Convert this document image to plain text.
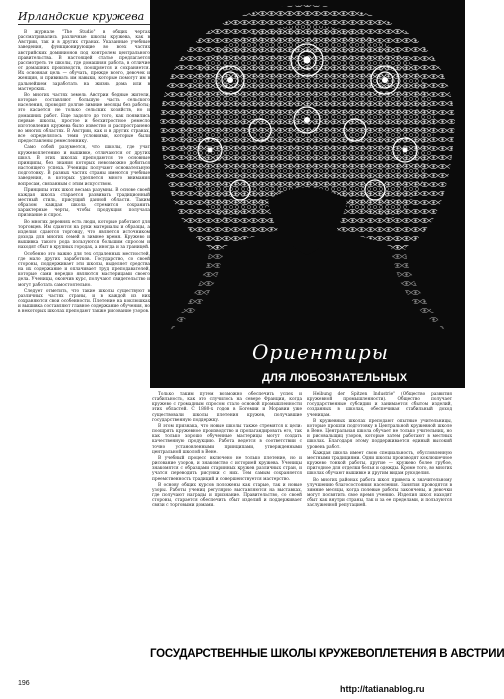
Ирландские кружева

В журнале "The Studio" в общих чертах рассматривались различные школы кружева, как в Австрии, так и в других странах. Указанные учебные заведения, функционирующие во всех частях австрийских доминионов под контролем центрального правительства. В настоящей статье предлагается рассмотреть те школы, где домашняя работа, в отличие от домашних производств, поощряется и сохраняется. Их основная цель — обучать, прежде всего, девочек и женщин, и прививать им навыки, которые помогут им в дальнейшем заработать на жизнь дома или в мастерских.

Во многих частях земель Австрии бедные жители, которые составляют большую часть сельского населения, проводят долгие зимние месяцы без работы; это касается не только сельских хозяйств, но и домашних работ. Еще задолго до того, как появились первые школы, простое и бесхитростное ремесло изготовления кружева было известно и распространено во многих областях. В Австрии, как и в других странах, все определялось теми условиями, которые были предоставлены ремесленнику.

Само собой разумеется, что школы, где учат кружевоплетению и вышивке, отличаются от других школ. В этих школах преподаются те основные принципы, без знания которых невозможно добиться настоящего успеха. Ученицы получают основательную подготовку. В разных частях страны имеются учебные заведения, в которых уделяется много внимания вопросам, связанным с этим искусством.

Принципы этих школ весьма разумны. В основе своей каждая школа старается развивать традиционный местный стиль, присущий данной области. Таким образом каждая школа стремится сохранить характерные черты, чтобы продукция получала признание и спрос.

Во многих деревнях есть люди, которые работают для торговцев. Им сдаются на руки материалы и образцы, а изделия сдаются торговцу, что является источником дохода для многих семей в зимнее время. Кружево и вышивка такого рода пользуются большим спросом и находят сбыт в крупных городах, а иногда и за границей.

Особенно это важно для тех отдаленных местностей, где мало других заработков. Государство, со своей стороны, поддерживает эти школы, выделяет средства на их содержание и оплачивает труд преподавателей, которые сами нередко являются мастерицами своего дела. Ученицы, окончив курс, получают свидетельство и могут работать самостоятельно.

Следует отметить, что такие школы существуют в различных частях страны, и в каждой из них сохраняются свои особенности. Плетение на коклюшках и вышивка составляют главное содержание обучения, но в некоторых школах преподают также рисование узоров.

Ориентиры
ДЛЯ ЛЮБОЗНАТЕЛЬНЫХ

Только таким путем возможно обеспечить успех и стабильность, как это случилось на севере Франции, когда кружево с громадным спросом стало основой промышленности этих областей. С 1880-х годов в Богемии и Моравии уже существовали школы плетения кружев, получавшие государственную поддержку.

В этом признака, что новые школы также стремятся к цели: поощрять кружевное производство и пропагандировать его, так как только хорошо обученные мастерицы могут создать качественную продукцию. Работа ведется в соответствии с точно установленными принципами, утвержденными центральной школой в Вене.

В учебный процесс включено не только плетение, но и рисование узоров, и знакомство с историей кружева. Ученицы знакомятся с образцами старинных кружев различных стран, и учатся переводить рисунки с них. Тем самым сохраняется преемственность традиций и совершенствуется мастерство.

В основу общих курсов положены как старые, так и новые узоры. Работы учениц регулярно выставляются на выставках, где получают награды и признание. Правительство, со своей стороны, старается обеспечить сбыт изделий и поддерживает связи с торговыми домами.

Heibung der Spitzen Industrie" (Общество развития кружевной промышленности). Общество получает государственные субсидии и занимается сбытом изделий, созданных в школах, обеспечивая стабильный доход ученицам.

В кружевных школах преподают опытные учительницы, которые прошли подготовку в Центральной кружевной школе в Вене. Центральная школа обучает не только учительниц, но и рисовальщиц узоров, которые затем работают в местных школах. Благодаря этому поддерживается единый высокий уровень работ.

Каждая школа имеет свою специальность, обусловленную местными традициями. Одни школы производят коклюшечное кружево тонкой работы, другие — кружево более грубое, пригодное для отделки белья и одежды. Кроме того, во многих школах обучают вышивке и другим видам рукоделия.

Во многих районах работа школ привела к значительному улучшению благосостояния населения. Занятия проводятся в зимние месяцы, когда полевые работы закончены, и девочки могут посвятить свое время учению. Изделия школ находят сбыт как внутри страны, так и за ее пределами, и пользуются заслуженной репутацией.

ГОСУДАРСТВЕННЫЕ ШКОЛЫ КРУЖЕВОПЛЕТЕНИЯ В АВСТРИИ
196
http://tatianablog.ru
